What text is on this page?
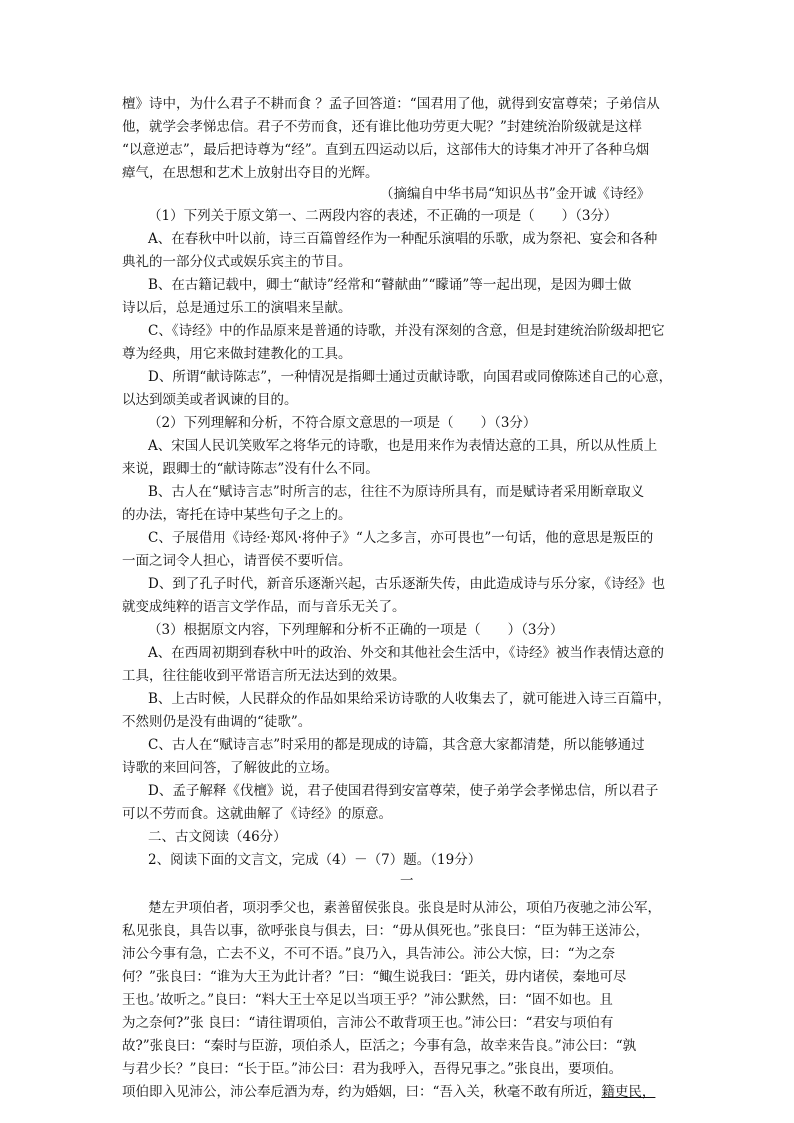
檀》诗中，为什么君子不耕而食 ？孟子回答道：“国君用了他，就得到安富尊荣；子弟信从
他，就学会孝悌忠信。君子不劳而食，还有谁比他功劳更大呢？”封建统治阶级就是这样
“以意逆志”，最后把诗尊为“经”。直到五四运动以后，这部伟大的诗集才冲开了各种乌烟
瘴气，在思想和艺术上放射出夺目的光辉。
（摘编自中华书局“知识丛书”金开诚《诗经》
（1）下列关于原文第一、二两段内容的表述，不正确的一项是（　　）（3分）
A、在春秋中叶以前，诗三百篇曾经作为一种配乐演唱的乐歌，成为祭祀、宴会和各种
典礼的一部分仪式或娱乐宾主的节目。
B、在古籍记载中，卿士“献诗”经常和“瞽献曲”“矇诵”等一起出现，是因为卿士做
诗以后，总是通过乐工的演唱来呈献。
C、《诗经》中的作品原来是普通的诗歌，并没有深刻的含意，但是封建统治阶级却把它
尊为经典，用它来做封建教化的工具。
D、所谓“献诗陈志”，一种情况是指卿士通过贡献诗歌，向国君或同僚陈述自己的心意，
以达到颂美或者讽谏的目的。
（2）下列理解和分析，不符合原文意思的一项是（　　）（3分）
A、宋国人民讥笑败军之将华元的诗歌，也是用来作为表情达意的工具，所以从性质上
来说，跟卿士的“献诗陈志”没有什么不同。
B、古人在“赋诗言志”时所言的志，往往不为原诗所具有，而是赋诗者采用断章取义
的办法，寄托在诗中某些句子之上的。
C、子展借用《诗经·郑风·将仲子》“人之多言，亦可畏也”一句话，他的意思是叛臣的
一面之词令人担心，请晋侯不要听信。
D、到了孔子时代，新音乐逐渐兴起，古乐逐渐失传，由此造成诗与乐分家，《诗经》也
就变成纯粹的语言文学作品，而与音乐无关了。
（3）根据原文内容，下列理解和分析不正确的一项是（　　）（3分）
A、在西周初期到春秋中叶的政治、外交和其他社会生活中，《诗经》被当作表情达意的
工具，往往能收到平常语言所无法达到的效果。
B、上古时候，人民群众的作品如果给采访诗歌的人收集去了，就可能进入诗三百篇中，
不然则仍是没有曲调的“徒歌”。
C、古人在“赋诗言志”时采用的都是现成的诗篇，其含意大家都清楚，所以能够通过
诗歌的来回问答，了解彼此的立场。
D、孟子解释《伐檀》说，君子使国君得到安富尊荣，使子弟学会孝悌忠信，所以君子
可以不劳而食。这就曲解了《诗经》的原意。
二、古文阅读（46分）
2、阅读下面的文言文，完成（4）－（7）题。（19分）
一
楚左尹项伯者，项羽季父也，素善留侯张良。张良是时从沛公，项伯乃夜驰之沛公军，
私见张良，具告以事，欲呼张良与俱去，曰：“毋从俱死也。”张良曰：“臣为韩王送沛公，
沛公今事有急，亡去不义，不可不语。”良乃入，具告沛公。沛公大惊，曰：“为之奈
何？”张良曰：“谁为大王为此计者？”曰：“鲰生说我曰：‘距关，毋内诸侯，秦地可尽
王也。’故听之。”良曰：“料大王士卒足以当项王乎？”沛公默然，曰：“固不如也。且
为之奈何?”张 良曰：“请往谓项伯，言沛公不敢背项王也。”沛公曰：“君安与项伯有
故?”张良曰：“秦时与臣游，项伯杀人，臣活之；今事有急，故幸来告良。”沛公曰：“孰
与君少长？”良曰：“长于臣。”沛公曰：君为我呼入，吾得兄事之。”张良出，要项伯。
项伯即入见沛公，沛公奉卮酒为寿，约为婚姻，曰：“吾入关，秋毫不敢有所近，籍吏民，
